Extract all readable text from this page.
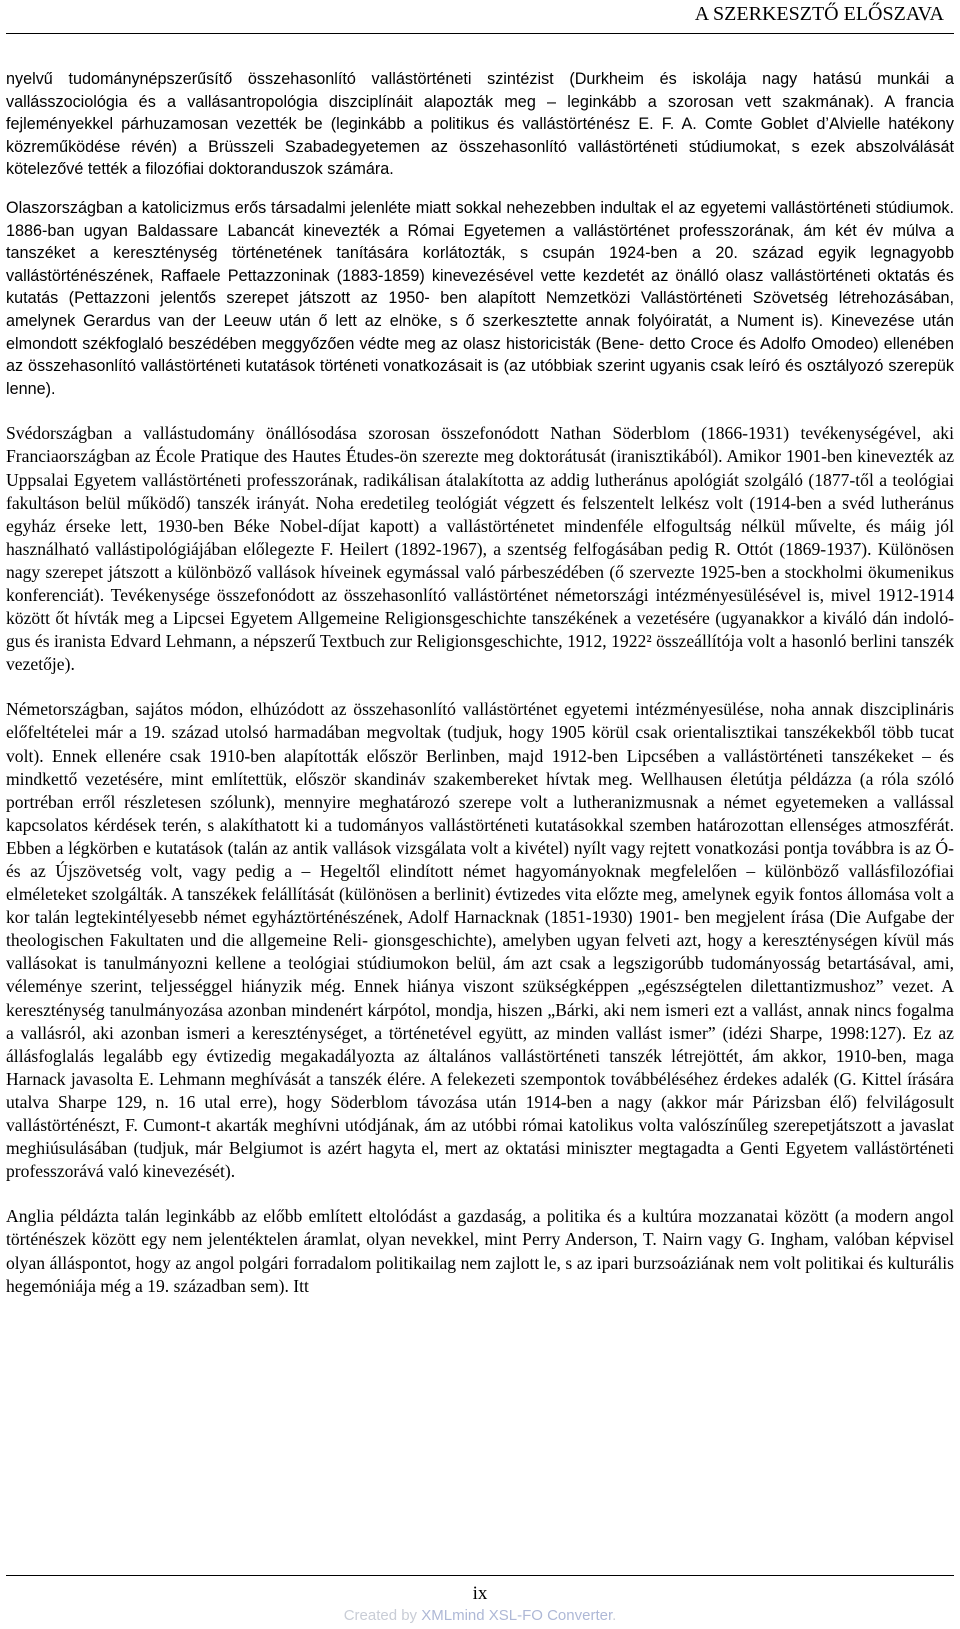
A SZERKESZTŐ ELŐSZAVA

nyelvű tudománynépszerűsítő összehasonlító vallástörténeti szintézist (Durkheim és iskolája nagy hatású munkái a vallásszociológia és a vallásantropológia diszciplínáit alapozták meg – leginkább a szorosan vett szakmának). A francia fejleményekkel párhuzamosan vezették be (leginkább a politikus és vallástörténész E. F. A. Comte Goblet d’Alvielle hatékony közreműködése révén) a Brüsszeli Szabadegyetemen az összehasonlító vallástörténeti stúdiumokat, s ezek abszolválását kötelezővé tették a filozófiai doktoranduszok számára.

Olaszországban a katolicizmus erős társadalmi jelenléte miatt sokkal nehezebben indultak el az egyetemi vallástörténeti stúdiumok. 1886-ban ugyan Baldassare Labancát kinevezték a Római Egyetemen a vallástörténet professzorának, ám két év múlva a tanszéket a kereszténység történetének tanítására korlátozták, s csupán 1924-ben a 20. század egyik legnagyobb vallástörténészének, Raffaele Pettazzoninak (1883-1859) kinevezésével vette kezdetét az önálló olasz vallástörténeti oktatás és kutatás (Pettazzoni jelentős szerepet játszott az 1950- ben alapított Nemzetközi Vallástörténeti Szövetség létrehozásában, amelynek Gerardus van der Leeuw után ő lett az elnöke, s ő szerkesztette annak folyóiratát, a Nument is). Kinevezése után elmondott székfoglaló beszédében meggyőzően védte meg az olasz historicisták (Bene- detto Croce és Adolfo Omodeo) ellenében az összehasonlító vallástörténeti kutatások történeti vonatkozásait is (az utóbbiak szerint ugyanis csak leíró és osztályozó szerepük lenne).

Svédországban a vallástudomány önállósodása szorosan összefonódott Nathan Söderblom (1866-1931) tevékenységével, aki Franciaországban az École Pratique des Hautes Études-ön szerezte meg doktorátusát (iranisztikából). Amikor 1901-ben kinevezték az Uppsalai Egyetem vallástörténeti professzorának, radikálisan átalakította az addig lutheránus apológiát szolgáló (1877-től a teológiai fakultáson belül működő) tanszék irányát. Noha eredetileg teológiát végzett és felszentelt lelkész volt (1914-ben a svéd lutheránus egyház érseke lett, 1930-ben Béke Nobel-díjat kapott) a vallástörténetet mindenféle elfogultság nélkül művelte, és máig jól használható vallástipológiájában előlegezte F. Heilert (1892-1967), a szentség felfogásában pedig R. Ottót (1869-1937). Különösen nagy szerepet játszott a különböző vallások híveinek egymással való párbeszédében (ő szervezte 1925-ben a stockholmi ökumenikus konferenciát). Tevékenysége összefonódott az összehasonlító vallástörténet németországi intézményesülésével is, mivel 1912-1914 között őt hívták meg a Lipcsei Egyetem Allgemeine Religionsgeschichte tanszékének a vezetésére (ugyanakkor a kiváló dán indoló- gus és iranista Edvard Lehmann, a népszerű Textbuch zur Religionsgeschichte, 1912, 1922² összeállítója volt a hasonló berlini tanszék vezetője).

Németországban, sajátos módon, elhúzódott az összehasonlító vallástörténet egyetemi intézményesülése, noha annak diszciplináris előfeltételei már a 19. század utolsó harmadában megvoltak (tudjuk, hogy 1905 körül csak orientalisztikai tanszékekből több tucat volt). Ennek ellenére csak 1910-ben alapították először Berlinben, majd 1912-ben Lipcsében a vallástörténeti tanszékeket – és mindkettő vezetésére, mint említettük, először skandináv szakembereket hívtak meg. Wellhausen életútja példázza (a róla szóló portréban erről részletesen szólunk), mennyire meghatározó szerepe volt a lutheranizmusnak a német egyetemeken a vallással kapcsolatos kérdések terén, s alakíthatott ki a tudományos vallástörténeti kutatásokkal szemben határozottan ellenséges atmoszférát. Ebben a légkörben e kutatások (talán az antik vallások vizsgálata volt a kivétel) nyílt vagy rejtett vonatkozási pontja továbbra is az Ó- és az Újszövetség volt, vagy pedig a – Hegeltől elindított német hagyományoknak megfelelően – különböző vallásfilozófiai elméleteket szolgálták. A tanszékek felállítását (különösen a berlinit) évtizedes vita előzte meg, amelynek egyik fontos állomása volt a kor talán legtekintélyesebb német egyháztörténészének, Adolf Harnacknak (1851-1930) 1901- ben megjelent írása (Die Aufgabe der theologischen Fakultaten und die allgemeine Reli- gionsgeschichte), amelyben ugyan felveti azt, hogy a kereszténységen kívül más vallásokat is tanulmányozni kellene a teológiai stúdiumokon belül, ám azt csak a legszigorúbb tudományosság betartásával, ami, véleménye szerint, teljességgel hiányzik még. Ennek hiánya viszont szükségképpen „egészségtelen dilettantizmushoz” vezet. A kereszténység tanulmányozása azonban mindenért kárpótol, mondja, hiszen „Bárki, aki nem ismeri ezt a vallást, annak nincs fogalma a vallásról, aki azonban ismeri a kereszténységet, a történetével együtt, az minden vallást ismer” (idézi Sharpe, 1998:127). Ez az állásfoglalás legalább egy évtizedig megakadályozta az általános vallástörténeti tanszék létrejöttét, ám akkor, 1910-ben, maga Harnack javasolta E. Lehmann meghívását a tanszék élére. A felekezeti szempontok továbbéléséhez érdekes adalék (G. Kittel írására utalva Sharpe 129, n. 16 utal erre), hogy Söderblom távozása után 1914-ben a nagy (akkor már Párizsban élő) felvilágosult vallástörténészt, F. Cumont-t akarták meghívni utódjának, ám az utóbbi római katolikus volta valószínűleg szerepetjátszott a javaslat meghiúsulásában (tudjuk, már Belgiumot is azért hagyta el, mert az oktatási miniszter megtagadta a Genti Egyetem vallástörténeti professzorává való kinevezését).

Anglia példázta talán leginkább az előbb említett eltolódást a gazdaság, a politika és a kultúra mozzanatai között (a modern angol történészek között egy nem jelentéktelen áramlat, olyan nevekkel, mint Perry Anderson, T. Nairn vagy G. Ingham, valóban képvisel olyan álláspontot, hogy az angol polgári forradalom politikailag nem zajlott le, s az ipari burzsoáziának nem volt politikai és kulturális hegemóniája még a 19. században sem). Itt

ix
Created by XMLmind XSL-FO Converter.
